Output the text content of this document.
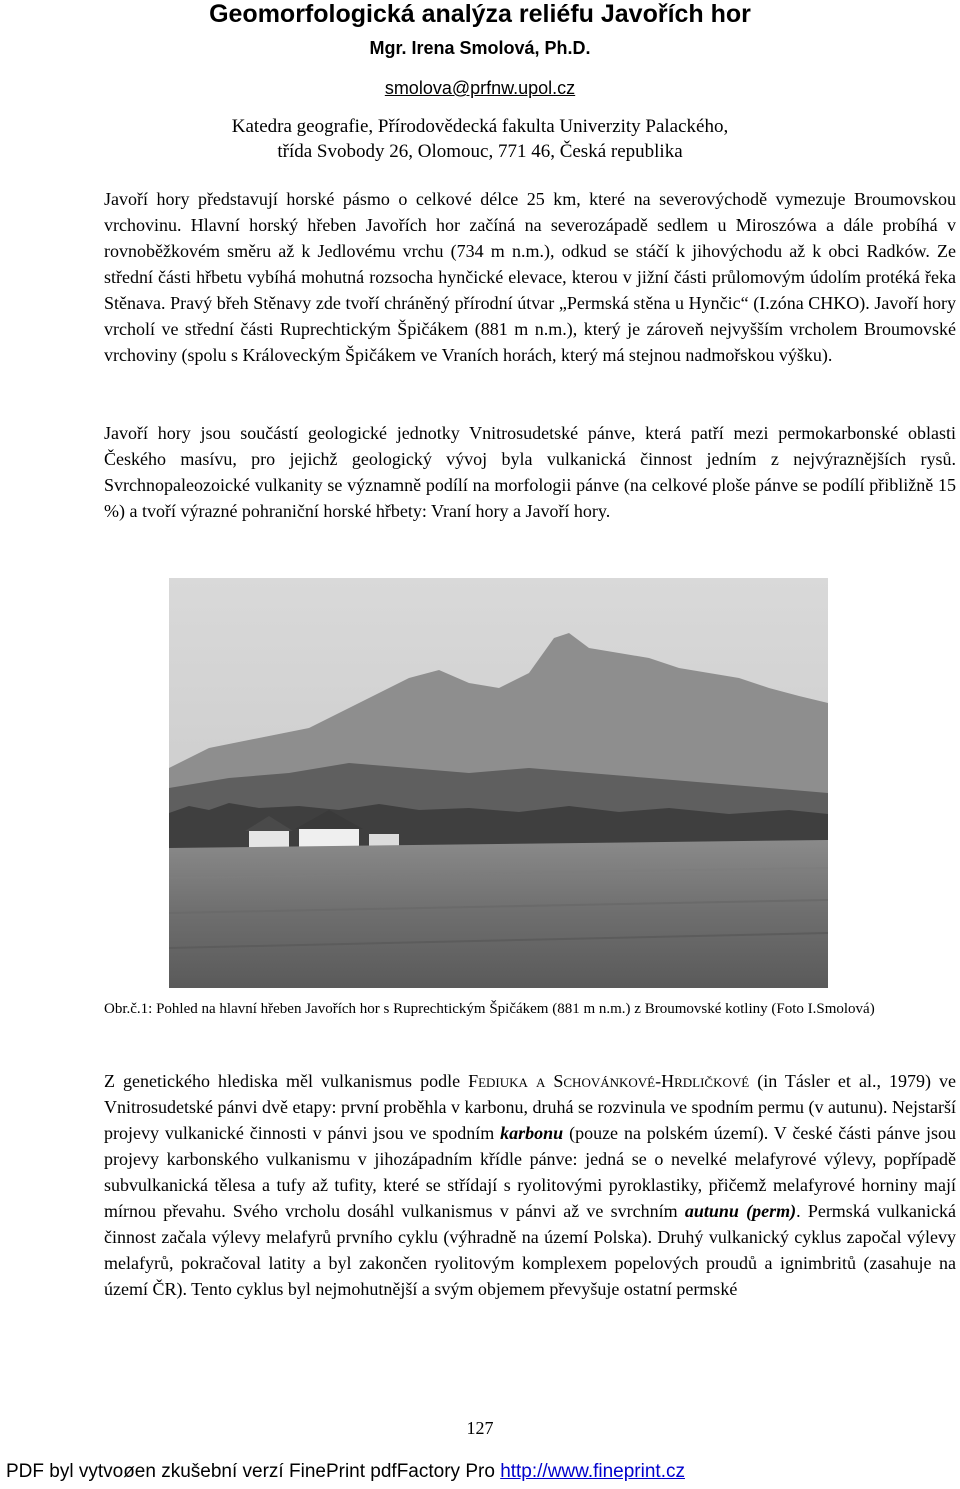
Geomorfologická analýza reliéfu Javořích hor
Mgr. Irena Smolová, Ph.D.
smolova@prfnw.upol.cz
Katedra geografie, Přírodovědecká fakulta Univerzity Palackého,
třída Svobody 26, Olomouc, 771 46, Česká republika

Javoří hory představují horské pásmo o celkové délce 25 km, které na severovýchodě vymezuje Broumovskou vrchovinu. Hlavní horský hřeben Javořích hor začíná na severozápadě sedlem u Miroszówa a dále probíhá v rovnoběžkovém směru až k Jedlovému vrchu (734 m n.m.), odkud se stáčí k jihovýchodu až k obci Radków. Ze střední části hřbetu vybíhá mohutná rozsocha hynčické elevace, kterou v jižní části průlomovým údolím protéká řeka Stěnava. Pravý břeh Stěnavy zde tvoří chráněný přírodní útvar „Permská stěna u Hynčic“ (I.zóna CHKO). Javoří hory vrcholí ve střední části Ruprechtickým Špičákem (881 m n.m.), který je zároveň nejvyšším vrcholem Broumovské vrchoviny (spolu s Královeckým Špičákem ve Vraních horách, který má stejnou nadmořskou výšku).

Javoří hory jsou součástí geologické jednotky Vnitrosudetské pánve, která patří mezi permokarbonské oblasti Českého masívu, pro jejichž geologický vývoj byla vulkanická činnost jedním z nejvýraznějších rysů. Svrchnopaleozoické vulkanity se významně podílí na morfologii pánve (na celkové ploše pánve se podílí přibližně 15 %) a tvoří výrazné pohraniční horské hřbety: Vraní hory a Javoří hory.

Obr.č.1: Pohled na hlavní hřeben Javořích hor s Ruprechtickým Špičákem (881 m n.m.) z Broumovské kotliny (Foto I.Smolová)

Z genetického hlediska měl vulkanismus podle Fediuka a Schovánkové-Hrdličkové (in Tásler et al., 1979) ve Vnitrosudetské pánvi dvě etapy: první proběhla v karbonu, druhá se rozvinula ve spodním permu (v autunu). Nejstarší projevy vulkanické činnosti v pánvi jsou ve spodním karbonu (pouze na polském území). V české části pánve jsou projevy karbonského vulkanismu v jihozápadním křídle pánve: jedná se o nevelké melafyrové výlevy, popřípadě subvulkanická tělesa a tufy až tufity, které se střídají s ryolitovými pyroklastiky, přičemž melafyrové horniny mají mírnou převahu. Svého vrcholu dosáhl vulkanismus v pánvi až ve svrchním autunu (perm). Permská vulkanická činnost začala výlevy melafyrů prvního cyklu (výhradně na území Polska). Druhý vulkanický cyklus započal výlevy melafyrů, pokračoval latity a byl zakončen ryolitovým komplexem popelových proudů a ignimbritů (zasahuje na území ČR). Tento cyklus byl nejmohutnější a svým objemem převyšuje ostatní permské

127
PDF byl vytvoøen zkušební verzí FinePrint pdfFactory Pro http://www.fineprint.cz
